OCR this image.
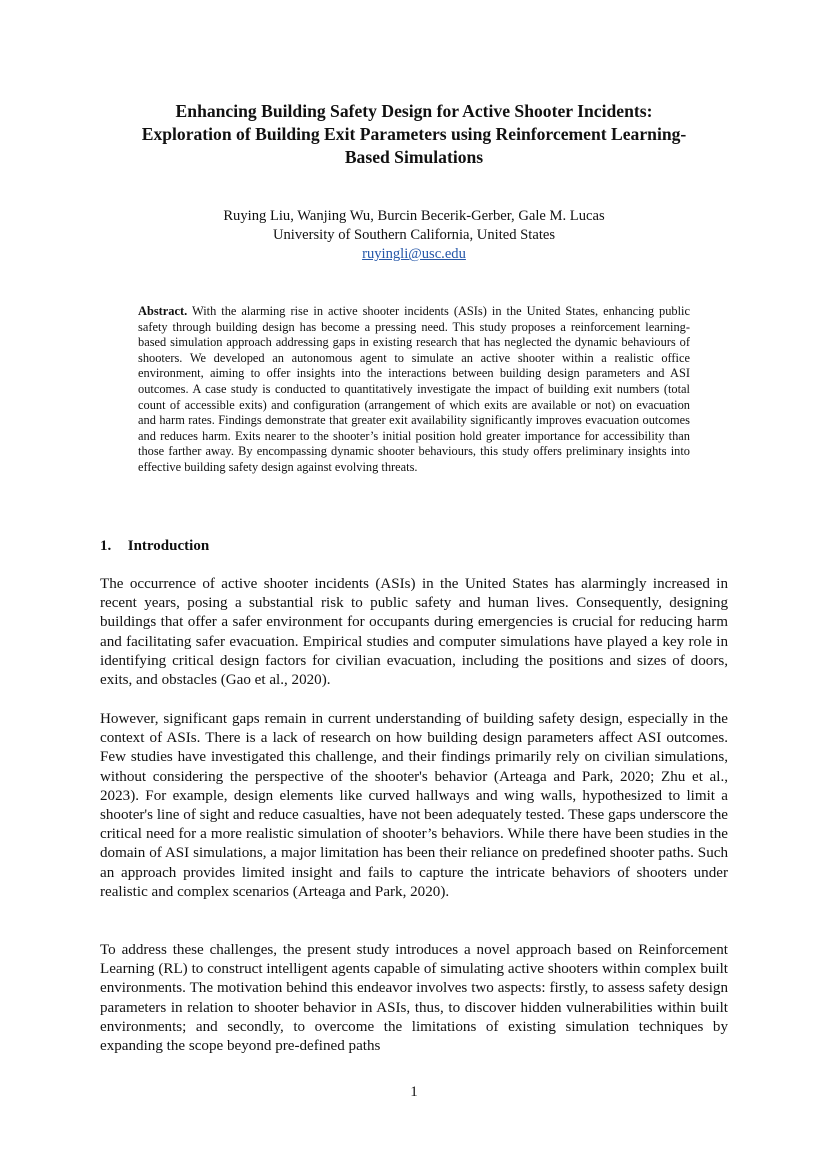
Enhancing Building Safety Design for Active Shooter Incidents:
Exploration of Building Exit Parameters using Reinforcement Learning-
Based Simulations
Ruying Liu, Wanjing Wu, Burcin Becerik-Gerber, Gale M. Lucas
University of Southern California, United States
ruyingli@usc.edu

Abstract. With the alarming rise in active shooter incidents (ASIs) in the United States, enhancing public safety through building design has become a pressing need. This study proposes a reinforcement learning-based simulation approach addressing gaps in existing research that has neglected the dynamic behaviours of shooters. We developed an autonomous agent to simulate an active shooter within a realistic office environment, aiming to offer insights into the interactions between building design parameters and ASI outcomes. A case study is conducted to quantitatively investigate the impact of building exit numbers (total count of accessible exits) and configuration (arrangement of which exits are available or not) on evacuation and harm rates. Findings demonstrate that greater exit availability significantly improves evacuation outcomes and reduces harm. Exits nearer to the shooter’s initial position hold greater importance for accessibility than those farther away. By encompassing dynamic shooter behaviours, this study offers preliminary insights into effective building safety design against evolving threats.

1. Introduction

The occurrence of active shooter incidents (ASIs) in the United States has alarmingly increased in recent years, posing a substantial risk to public safety and human lives. Consequently, designing buildings that offer a safer environment for occupants during emergencies is crucial for reducing harm and facilitating safer evacuation. Empirical studies and computer simulations have played a key role in identifying critical design factors for civilian evacuation, including the positions and sizes of doors, exits, and obstacles (Gao et al., 2020).

However, significant gaps remain in current understanding of building safety design, especially in the context of ASIs. There is a lack of research on how building design parameters affect ASI outcomes. Few studies have investigated this challenge, and their findings primarily rely on civilian simulations, without considering the perspective of the shooter's behavior (Arteaga and Park, 2020; Zhu et al., 2023). For example, design elements like curved hallways and wing walls, hypothesized to limit a shooter's line of sight and reduce casualties, have not been adequately tested. These gaps underscore the critical need for a more realistic simulation of shooter’s behaviors. While there have been studies in the domain of ASI simulations, a major limitation has been their reliance on predefined shooter paths. Such an approach provides limited insight and fails to capture the intricate behaviors of shooters under realistic and complex scenarios (Arteaga and Park, 2020).

To address these challenges, the present study introduces a novel approach based on Reinforcement Learning (RL) to construct intelligent agents capable of simulating active shooters within complex built environments. The motivation behind this endeavor involves two aspects: firstly, to assess safety design parameters in relation to shooter behavior in ASIs, thus, to discover hidden vulnerabilities within built environments; and secondly, to overcome the limitations of existing simulation techniques by expanding the scope beyond pre-defined paths

1
